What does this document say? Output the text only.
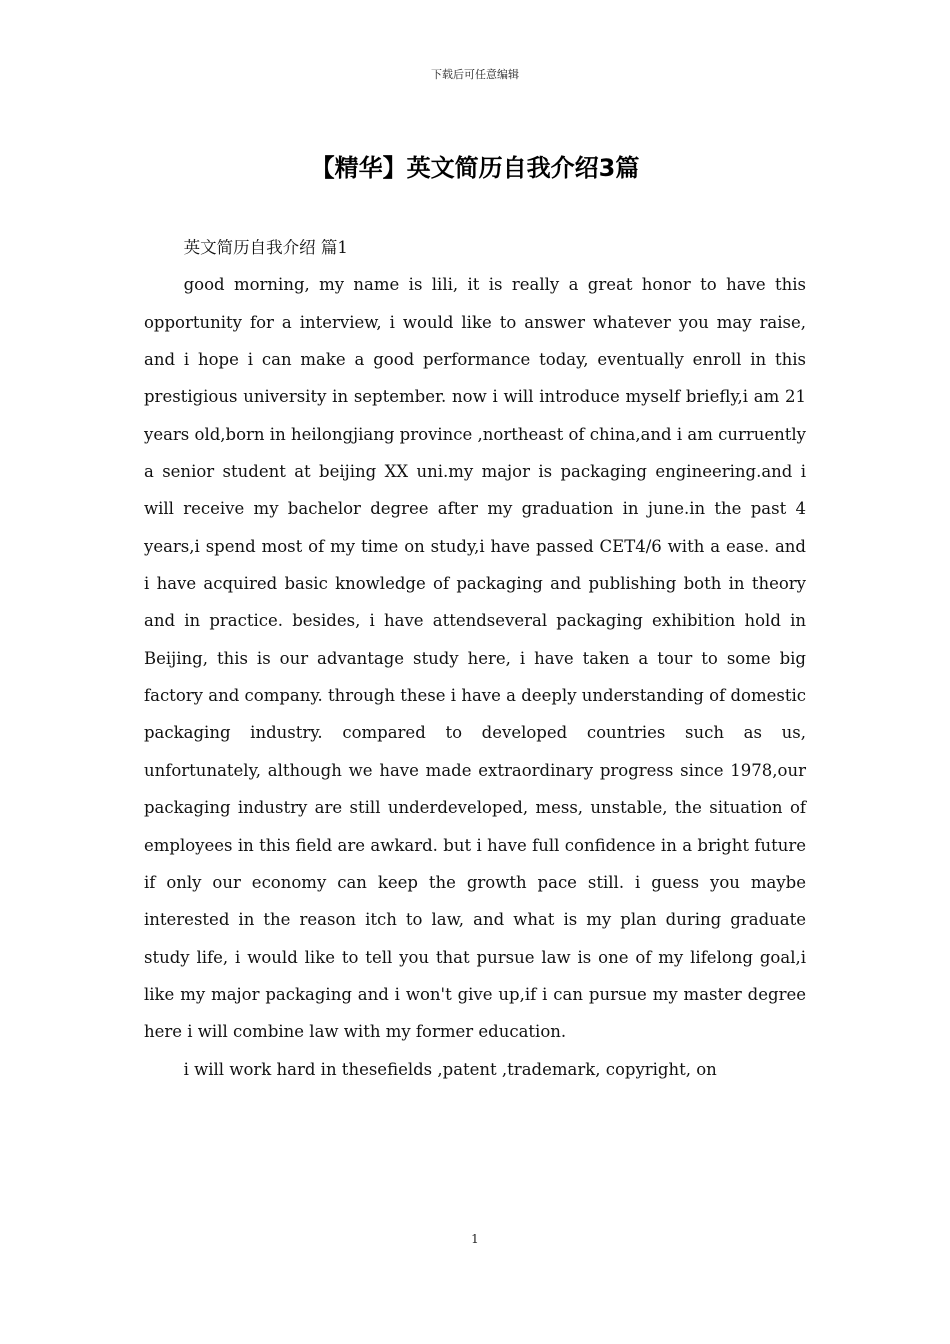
下载后可任意编辑
【精华】英文简历自我介绍3篇
英文简历自我介绍 篇1

good morning, my name is lili, it is really a great honor to have this opportunity for a interview, i would like to answer whatever you may raise, and i hope i can make a good performance today, eventually enroll in this prestigious university in september. now i will introduce myself briefly,i am 21 years old,born in heilongjiang province ,northeast of china,and i am curruently a senior student at beijing XX uni.my major is packaging engineering.and i will receive my bachelor degree after my graduation in june.in the past 4 years,i spend most of my time on study,i have passed CET4/6 with a ease. and i have acquired basic knowledge of packaging and publishing both in theory and in practice. besides, i have attendseveral packaging exhibition hold in Beijing, this is our advantage study here, i have taken a tour to some big factory and company. through these i have a deeply understanding of domestic packaging industry. compared to developed countries such as us, unfortunately, although we have made extraordinary progress since 1978,our packaging industry are still underdeveloped, mess, unstable, the situation of employees in this field are awkard. but i have full confidence in a bright future if only our economy can keep the growth pace still. i guess you maybe interested in the reason itch to law, and what is my plan during graduate study life, i would like to tell you that pursue law is one of my lifelong goal,i like my major packaging and i won't give up,if i can pursue my master degree here i will combine law with my former education.

i will work hard in thesefields ,patent ,trademark, copyright, on

1
